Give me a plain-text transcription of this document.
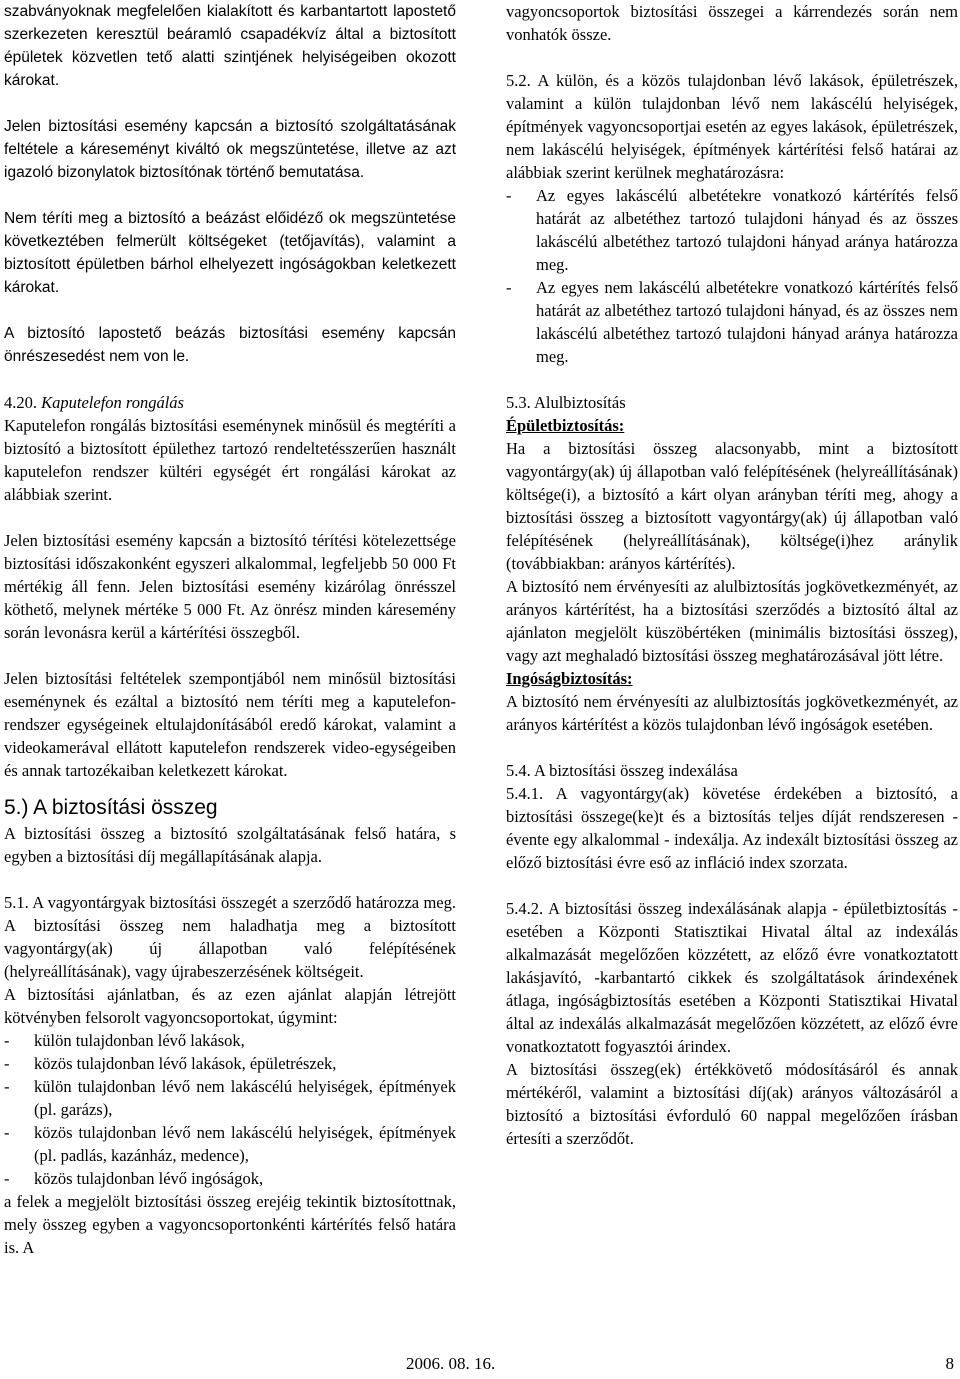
szabványoknak megfelelően kialakított és karbantartott lapostető szerkezeten keresztül beáramló csapadékvíz által a biztosított épületek közvetlen tető alatti szintjének helyiségeiben okozott károkat.

Jelen biztosítási esemény kapcsán a biztosító szolgáltatásának feltétele a káreseményt kiváltó ok megszüntetése, illetve az azt igazoló bizonylatok biztosítónak történő bemutatása.

Nem téríti meg a biztosító a beázást előidéző ok megszüntetése következtében felmerült költségeket (tetőjavítás), valamint a biztosított épületben bárhol elhelyezett ingóságokban keletkezett károkat.

A biztosító lapostető beázás biztosítási esemény kapcsán önrészesedést nem von le.

4.20. Kaputelefon rongálás

Kaputelefon rongálás biztosítási eseménynek minősül és megtéríti a biztosító a biztosított épülethez tartozó rendeltetésszerűen használt kaputelefon rendszer kültéri egységét ért rongálási károkat az alábbiak szerint.

Jelen biztosítási esemény kapcsán a biztosító térítési kötelezettsége biztosítási időszakonként egyszeri alkalommal, legfeljebb 50 000 Ft mértékig áll fenn. Jelen biztosítási esemény kizárólag önrésszel köthető, melynek mértéke 5 000 Ft. Az önrész minden káresemény során levonásra kerül a kártérítési összegből.

Jelen biztosítási feltételek szempontjából nem minősül biztosítási eseménynek és ezáltal a biztosító nem téríti meg a kaputelefon-rendszer egységeinek eltulajdonításából eredő károkat, valamint a videokamerával ellátott kaputelefon rendszerek video-egységeiben és annak tartozékaiban keletkezett károkat.

5.) A biztosítási összeg

A biztosítási összeg a biztosító szolgáltatásának felső határa, s egyben a biztosítási díj megállapításának alapja.

5.1. A vagyontárgyak biztosítási összegét a szerződő határozza meg. A biztosítási összeg nem haladhatja meg a biztosított vagyontárgy(ak) új állapotban való felépítésének (helyreállításának), vagy újrabeszerzésének költségeit.

A biztosítási ajánlatban, és az ezen ajánlat alapján létrejött kötvényben felsorolt vagyoncsoportokat, úgymint:

- külön tulajdonban lévő lakások,
- közös tulajdonban lévő lakások, épületrészek,
- külön tulajdonban lévő nem lakáscélú helyiségek, építmények (pl. garázs),
- közös tulajdonban lévő nem lakáscélú helyiségek, építmények (pl. padlás, kazánház, medence),
- közös tulajdonban lévő ingóságok,

a felek a megjelölt biztosítási összeg erejéig tekintik biztosítottnak, mely összeg egyben a vagyoncsoportonkénti kártérítés felső határa is. A

vagyoncsoportok biztosítási összegei a kárrendezés során nem vonhatók össze.

5.2. A külön, és a közös tulajdonban lévő lakások, épületrészek, valamint a külön tulajdonban lévő nem lakáscélú helyiségek, építmények vagyoncsoportjai esetén az egyes lakások, épületrészek, nem lakáscélú helyiségek, építmények kártérítési felső határai az alábbiak szerint kerülnek meghatározásra:

- Az egyes lakáscélú albetétekre vonatkozó kártérítés felső határát az albetéthez tartozó tulajdoni hányad és az összes lakáscélú albetéthez tartozó tulajdoni hányad aránya határozza meg.
- Az egyes nem lakáscélú albetétekre vonatkozó kártérítés felső határát az albetéthez tartozó tulajdoni hányad, és az összes nem lakáscélú albetéthez tartozó tulajdoni hányad aránya határozza meg.

5.3. Alulbiztosítás

Épületbiztosítás:

Ha a biztosítási összeg alacsonyabb, mint a biztosított vagyontárgy(ak) új állapotban való felépítésének (helyreállításának) költsége(i), a biztosító a kárt olyan arányban téríti meg, ahogy a biztosítási összeg a biztosított vagyontárgy(ak) új állapotban való felépítésének (helyreállításának), költsége(i)hez aránylik (továbbiakban: arányos kártérítés).

A biztosító nem érvényesíti az alulbiztosítás jogkövetkezményét, az arányos kártérítést, ha a biztosítási szerződés a biztosító által az ajánlaton megjelölt küszöbértéken (minimális biztosítási összeg), vagy azt meghaladó biztosítási összeg meghatározásával jött létre.

Ingóságbiztosítás:

A biztosító nem érvényesíti az alulbiztosítás jogkövetkezményét, az arányos kártérítést a közös tulajdonban lévő ingóságok esetében.

5.4. A biztosítási összeg indexálása

5.4.1. A vagyontárgy(ak) követése érdekében a biztosító, a biztosítási összege(ke)t és a biztosítás teljes díját rendszeresen - évente egy alkalommal - indexálja. Az indexált biztosítási összeg az előző biztosítási évre eső az infláció index szorzata.

5.4.2. A biztosítási összeg indexálásának alapja - épületbiztosítás - esetében a Központi Statisztikai Hivatal által az indexálás alkalmazását megelőzően közzétett, az előző évre vonatkoztatott lakásjavító, -karbantartó cikkek és szolgáltatások árindexének átlaga, ingóságbiztosítás esetében a Központi Statisztikai Hivatal által az indexálás alkalmazását megelőzően közzétett, az előző évre vonatkoztatott fogyasztói árindex.

A biztosítási összeg(ek) értékkövető módosításáról és annak mértékéről, valamint a biztosítási díj(ak) arányos változásáról a biztosító a biztosítási évforduló 60 nappal megelőzően írásban értesíti a szerződőt.

2006. 08. 16.	8
